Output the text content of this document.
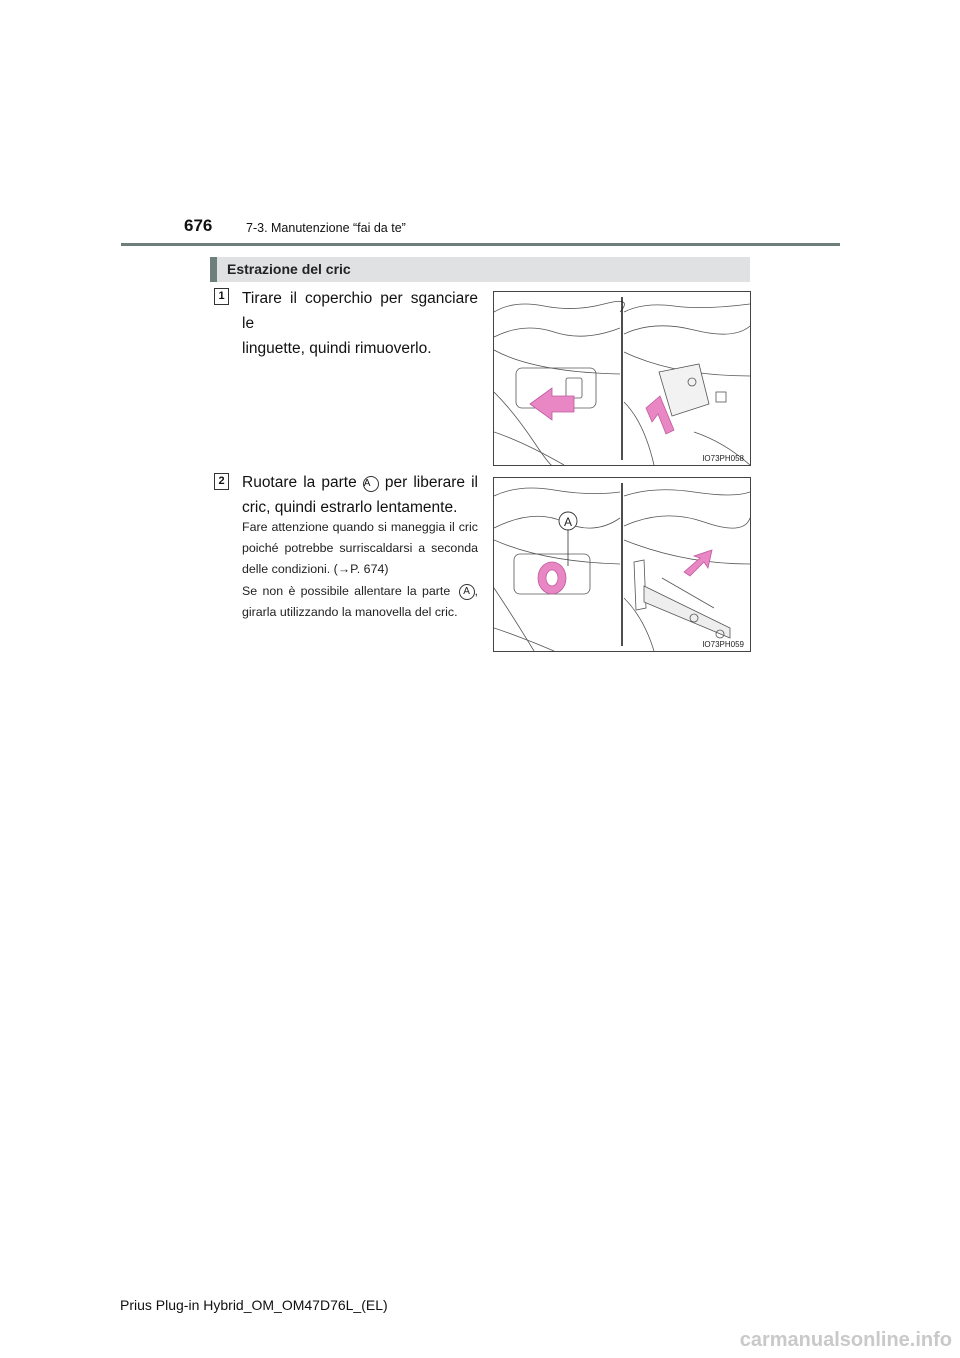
676	7-3. Manutenzione “fai da te”
Estrazione del cric
1 Tirare il coperchio per sganciare le
linguette, quindi rimuoverlo.
IO73PH058
2 Ruotare la parte A per liberare il
cric, quindi estrarlo lentamente.
Fare attenzione quando si maneggia il cric poiché potrebbe surriscaldarsi a seconda delle condizioni. (→P. 674)
Se non è possibile allentare la parte A , girarla utilizzando la manovella del cric.
A
IO73PH059
Prius Plug-in Hybrid_OM_OM47D76L_(EL)
carmanualsonline.info
